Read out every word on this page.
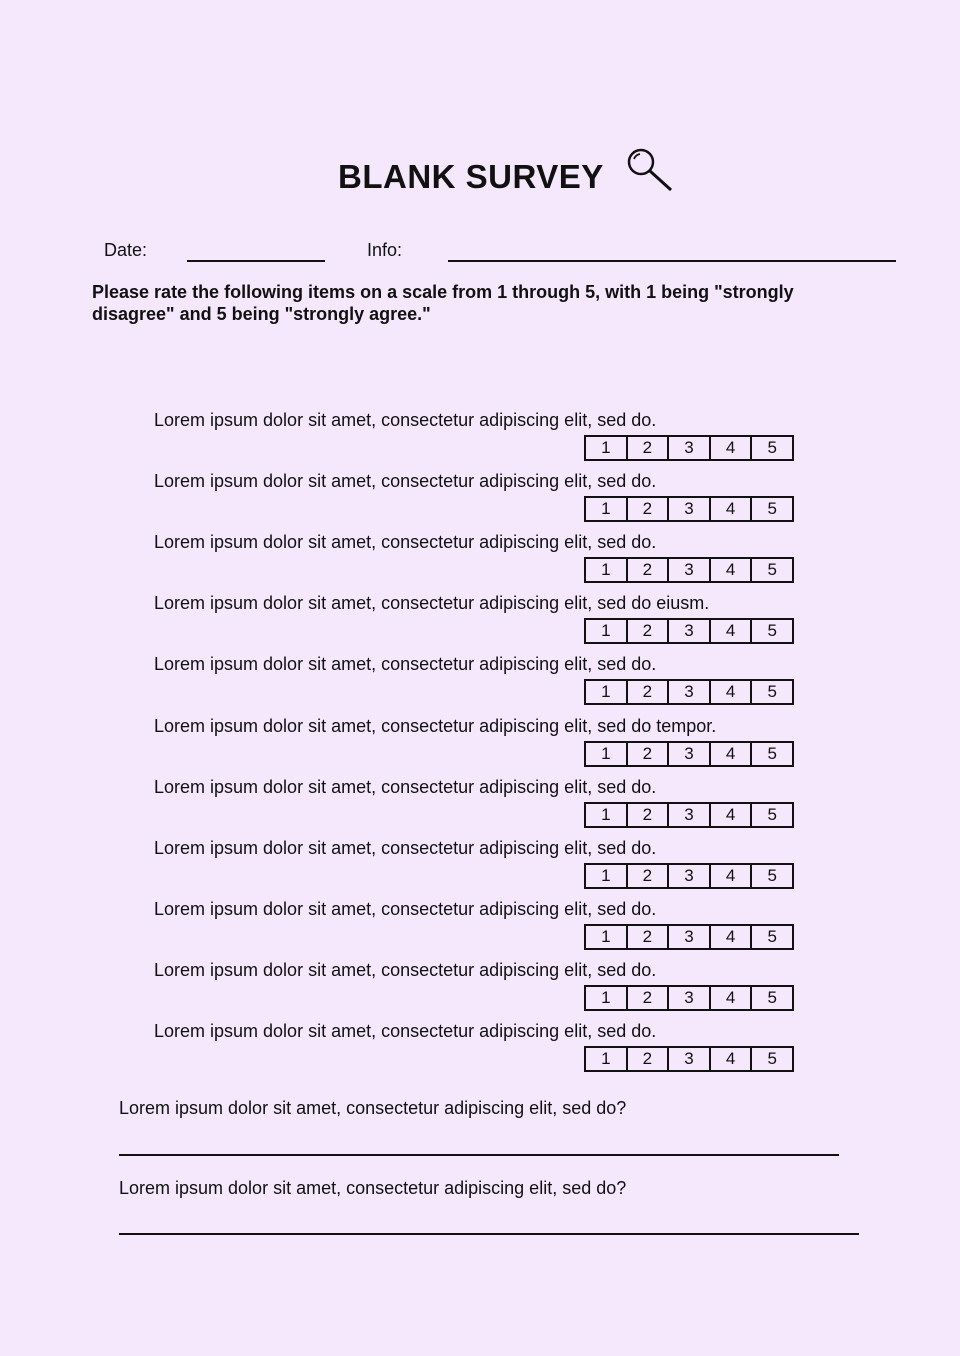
BLANK SURVEY
Date:	Info:
Please rate the following items on a scale from 1 through 5, with 1 being "strongly disagree" and 5 being "strongly agree."
Lorem ipsum dolor sit amet, consectetur adipiscing elit, sed do.
1	2	3	4	5
Lorem ipsum dolor sit amet, consectetur adipiscing elit, sed do.
1	2	3	4	5
Lorem ipsum dolor sit amet, consectetur adipiscing elit, sed do.
1	2	3	4	5
Lorem ipsum dolor sit amet, consectetur adipiscing elit, sed do eiusm.
1	2	3	4	5
Lorem ipsum dolor sit amet, consectetur adipiscing elit, sed do.
1	2	3	4	5
Lorem ipsum dolor sit amet, consectetur adipiscing elit, sed do tempor.
1	2	3	4	5
Lorem ipsum dolor sit amet, consectetur adipiscing elit, sed do.
1	2	3	4	5
Lorem ipsum dolor sit amet, consectetur adipiscing elit, sed do.
1	2	3	4	5
Lorem ipsum dolor sit amet, consectetur adipiscing elit, sed do.
1	2	3	4	5
Lorem ipsum dolor sit amet, consectetur adipiscing elit, sed do.
1	2	3	4	5
Lorem ipsum dolor sit amet, consectetur adipiscing elit, sed do.
1	2	3	4	5
Lorem ipsum dolor sit amet, consectetur adipiscing elit, sed do?
Lorem ipsum dolor sit amet, consectetur adipiscing elit, sed do?
